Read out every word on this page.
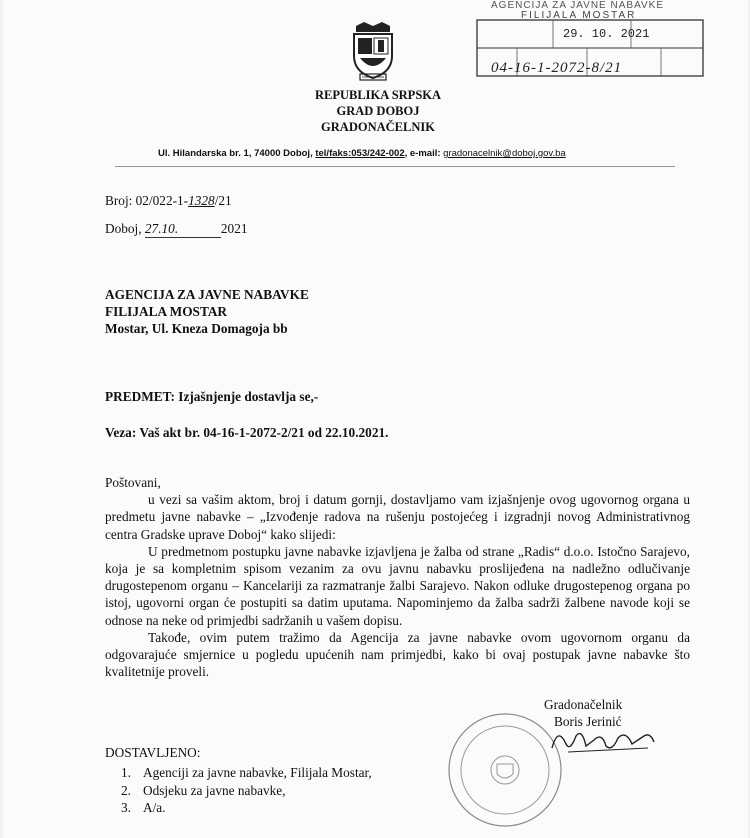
AGENCIJA ZA JAVNE NABAVKE
FILIJALA MOSTAR
29. 10. 2021
04-16-1-2072-8/21
REPUBLIKA SRPSKA
GRAD DOBOJ
GRADONAČELNIK
Ul. Hilandarska br. 1, 74000 Doboj, tel/faks:053/242-002, e-mail: gradonacelnik@doboj.gov.ba
Broj: 02/022-1-1328/21
Doboj, 27.10.	2021
AGENCIJA ZA JAVNE NABAVKE
FILIJALA MOSTAR
Mostar, Ul. Kneza Domagoja bb
PREDMET: Izjašnjenje dostavlja se,-
Veza: Vaš akt br. 04-16-1-2072-2/21 od 22.10.2021.

Poštovani,

u vezi sa vašim aktom, broj i datum gornji, dostavljamo vam izjašnjenje ovog ugovornog organa u predmetu javne nabavke – „Izvođenje radova na rušenju postojećeg i izgradnji novog Administrativnog centra Gradske uprave Doboj“ kako slijedi:

U predmetnom postupku javne nabavke izjavljena je žalba od strane „Radis“ d.o.o. Istočno Sarajevo, koja je sa kompletnim spisom vezanim za ovu javnu nabavku proslijeđena na nadležno odlučivanje drugostepenom organu – Kancelariji za razmatranje žalbi Sarajevo. Nakon odluke drugostepenog organa po istoj, ugovorni organ će postupiti sa datim uputama. Napominjemo da žalba sadrži žalbene navode koji se odnose na neke od primjedbi sadržanih u vašem dopisu.

Takođe, ovim putem tražimo da Agencija za javne nabavke ovom ugovornom organu da odgovarajuće smjernice u pogledu upućenih nam primjedbi, kako bi ovaj postupak javne nabavke što kvalitetnije proveli.

Gradonačelnik
Boris Jerinić
DOSTAVLJENO:
1. Agenciji za javne nabavke, Filijala Mostar,
2. Odsjeku za javne nabavke,
3. A/a.
